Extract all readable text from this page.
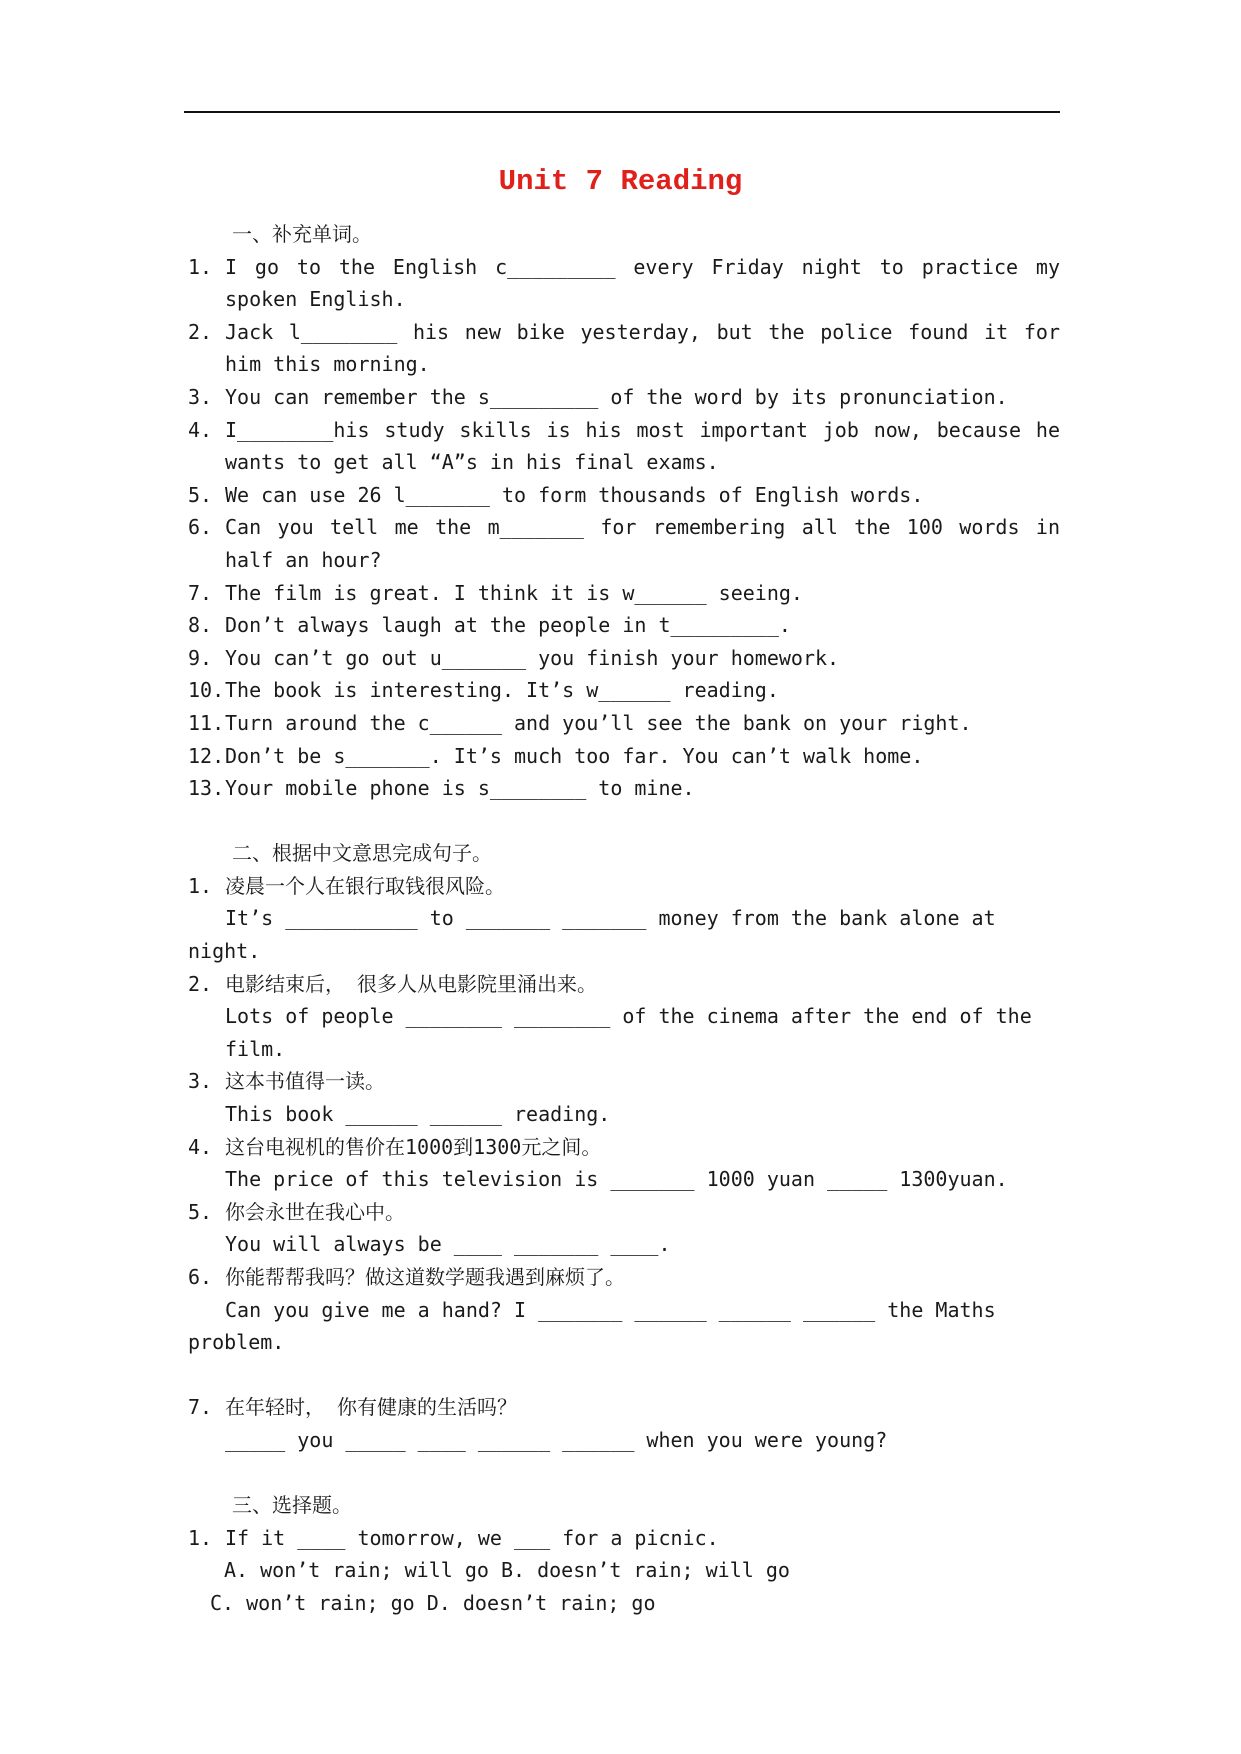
Unit 7 Reading
一、补充单词。
1. I go to the English c_________ every Friday night to practice my spoken English.
2. Jack l________ his new bike yesterday, but the police found it for him this morning.
3. You can remember the s_________ of the word by its pronunciation.
4. I________his study skills is his most important job now, because he wants to get all “A”s in his final exams.
5. We can use 26 l_______ to form thousands of English words.
6. Can you tell me the m_______ for remembering all the 100 words in half an hour?
7. The film is great. I think it is w______ seeing.
8. Don’t always laugh at the people in t_________.
9. You can’t go out u_______ you finish your homework.
10. The book is interesting. It’s w______ reading.
11. Turn around the c______ and you’ll see the bank on your right.
12. Don’t be s_______. It’s much too far. You can’t walk home.
13. Your mobile phone is s________ to mine.
二、根据中文意思完成句子。
1. 凌晨一个人在银行取钱很风险。
It’s ___________ to _______ _______ money from the bank alone at
night.
2. 电影结束后， 很多人从电影院里涌出来。
Lots of people ________ ________ of the cinema after the end of the film.
3. 这本书值得一读。
This book ______ ______ reading.
4. 这台电视机的售价在1000到1300元之间。
The price of this television is _______ 1000 yuan _____ 1300yuan.
5. 你会永世在我心中。
You will always be ____ _______ ____.
6. 你能帮帮我吗？做这道数学题我遇到麻烦了。
Can you give me a hand? I _______ ______ ______ ______ the Maths
problem.
7. 在年轻时， 你有健康的生活吗？
_____ you _____ ____ ______ ______ when you were young?
三、选择题。
1. If it ____ tomorrow, we ___ for a picnic.
A. won’t rain; will go B. doesn’t rain; will go
C. won’t rain; go D. doesn’t rain; go
